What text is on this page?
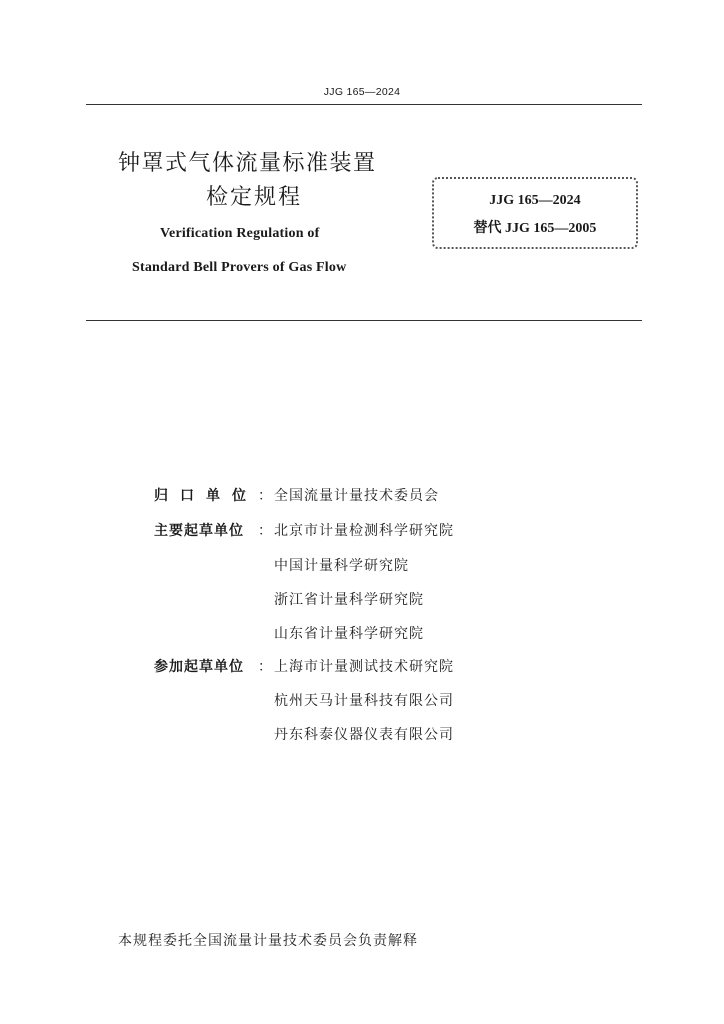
JJG 165—2024
钟罩式气体流量标准装置
检定规程
Verification Regulation of
Standard Bell Provers of Gas Flow
JJG 165—2024
替代 JJG 165—2005
归口单位 ： 全国流量计量技术委员会
主要起草单位	： 北京市计量检测科学研究院
中国计量科学研究院
浙江省计量科学研究院
山东省计量科学研究院
参加起草单位	： 上海市计量测试技术研究院
杭州天马计量科技有限公司
丹东科泰仪器仪表有限公司
本规程委托全国流量计量技术委员会负责解释
